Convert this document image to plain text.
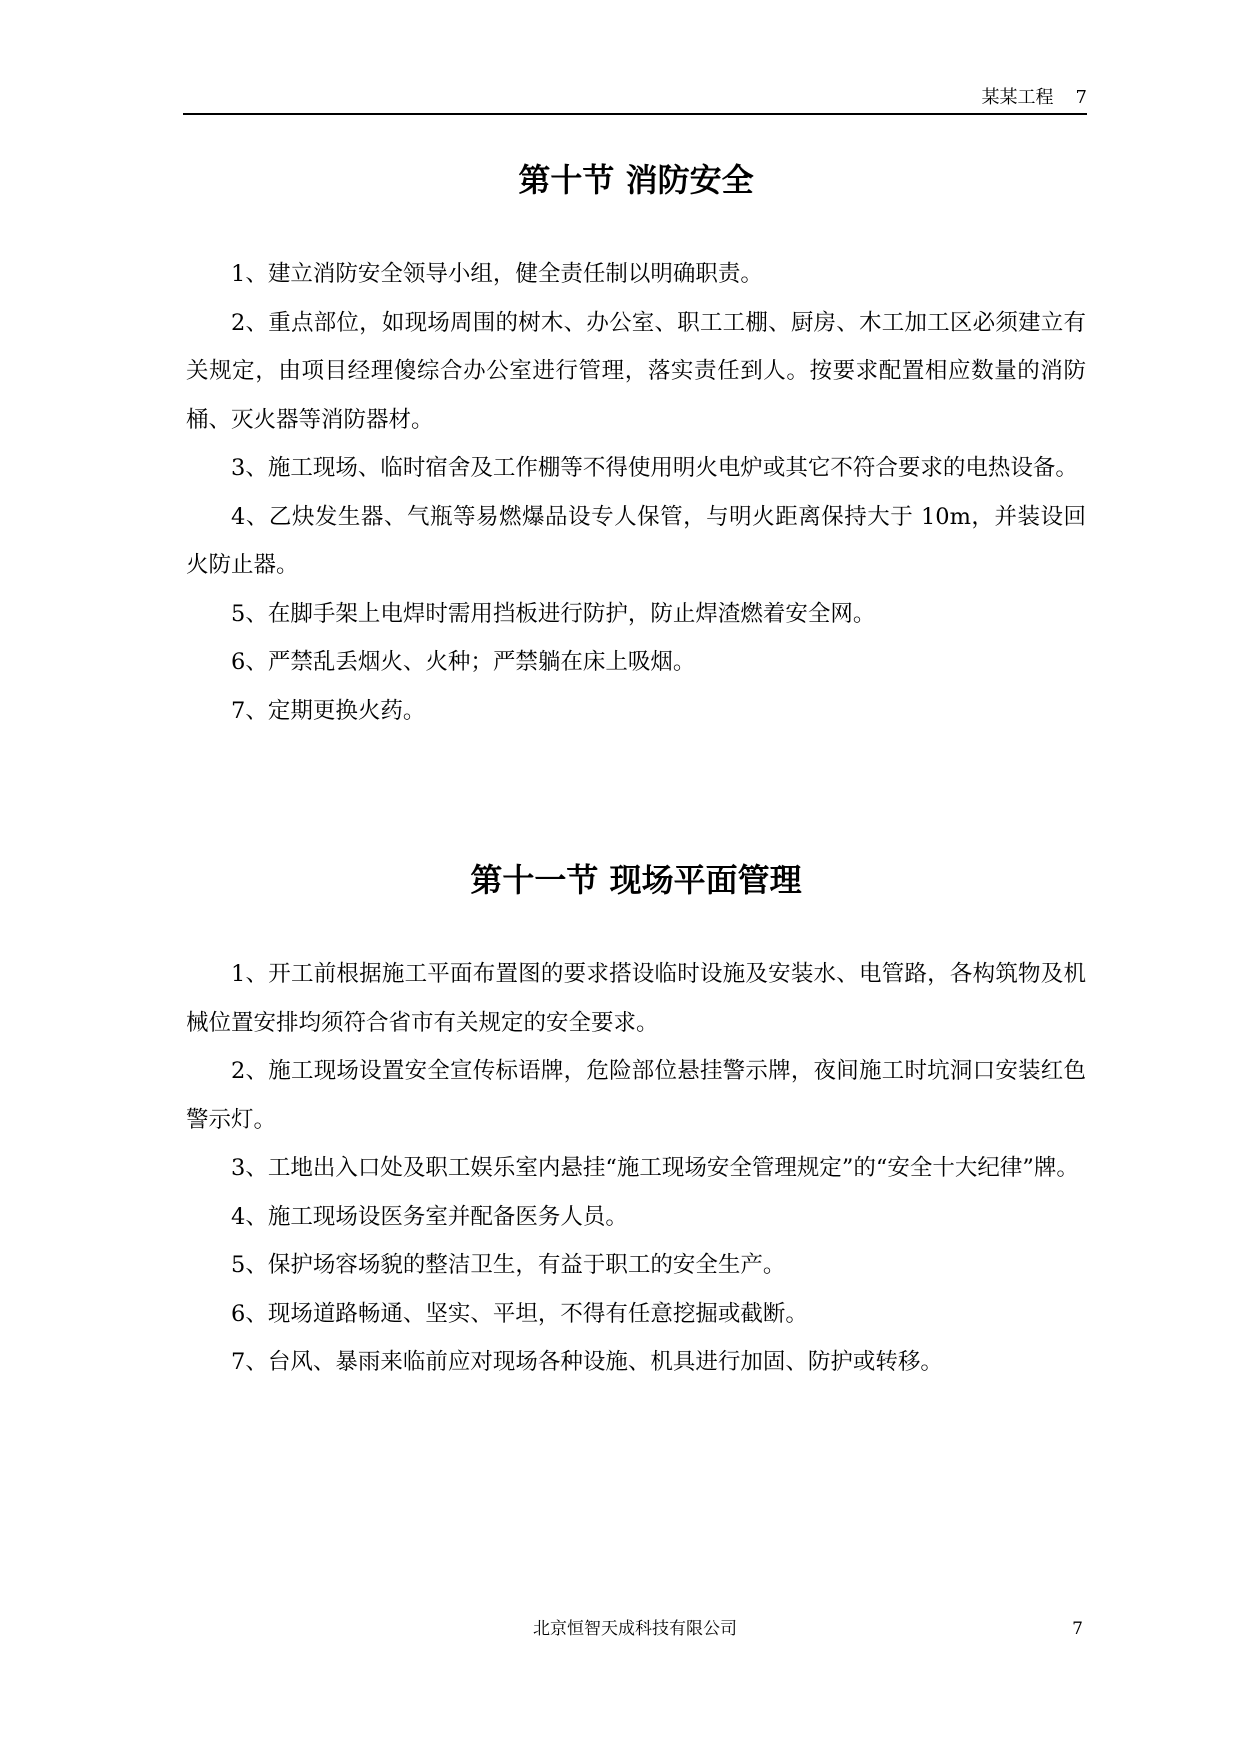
某某工程 7
第十节 消防安全

1、建立消防安全领导小组，健全责任制以明确职责。

2、重点部位，如现场周围的树木、办公室、职工工棚、厨房、木工加工区必须建立有关规定，由项目经理傻综合办公室进行管理，落实责任到人。按要求配置相应数量的消防桶、灭火器等消防器材。

3、施工现场、临时宿舍及工作棚等不得使用明火电炉或其它不符合要求的电热设备。

4、乙炔发生器、气瓶等易燃爆品设专人保管，与明火距离保持大于 10m，并装设回火防止器。

5、在脚手架上电焊时需用挡板进行防护，防止焊渣燃着安全网。

6、严禁乱丢烟火、火种；严禁躺在床上吸烟。

7、定期更换火药。

第十一节 现场平面管理

1、开工前根据施工平面布置图的要求搭设临时设施及安装水、电管路，各构筑物及机械位置安排均须符合省市有关规定的安全要求。

2、施工现场设置安全宣传标语牌，危险部位悬挂警示牌，夜间施工时坑洞口安装红色警示灯。

3、工地出入口处及职工娱乐室内悬挂“施工现场安全管理规定”的“安全十大纪律”牌。

4、施工现场设医务室并配备医务人员。

5、保护场容场貌的整洁卫生，有益于职工的安全生产。

6、现场道路畅通、坚实、平坦，不得有任意挖掘或截断。

7、台风、暴雨来临前应对现场各种设施、机具进行加固、防护或转移。

北京恒智天成科技有限公司	7
